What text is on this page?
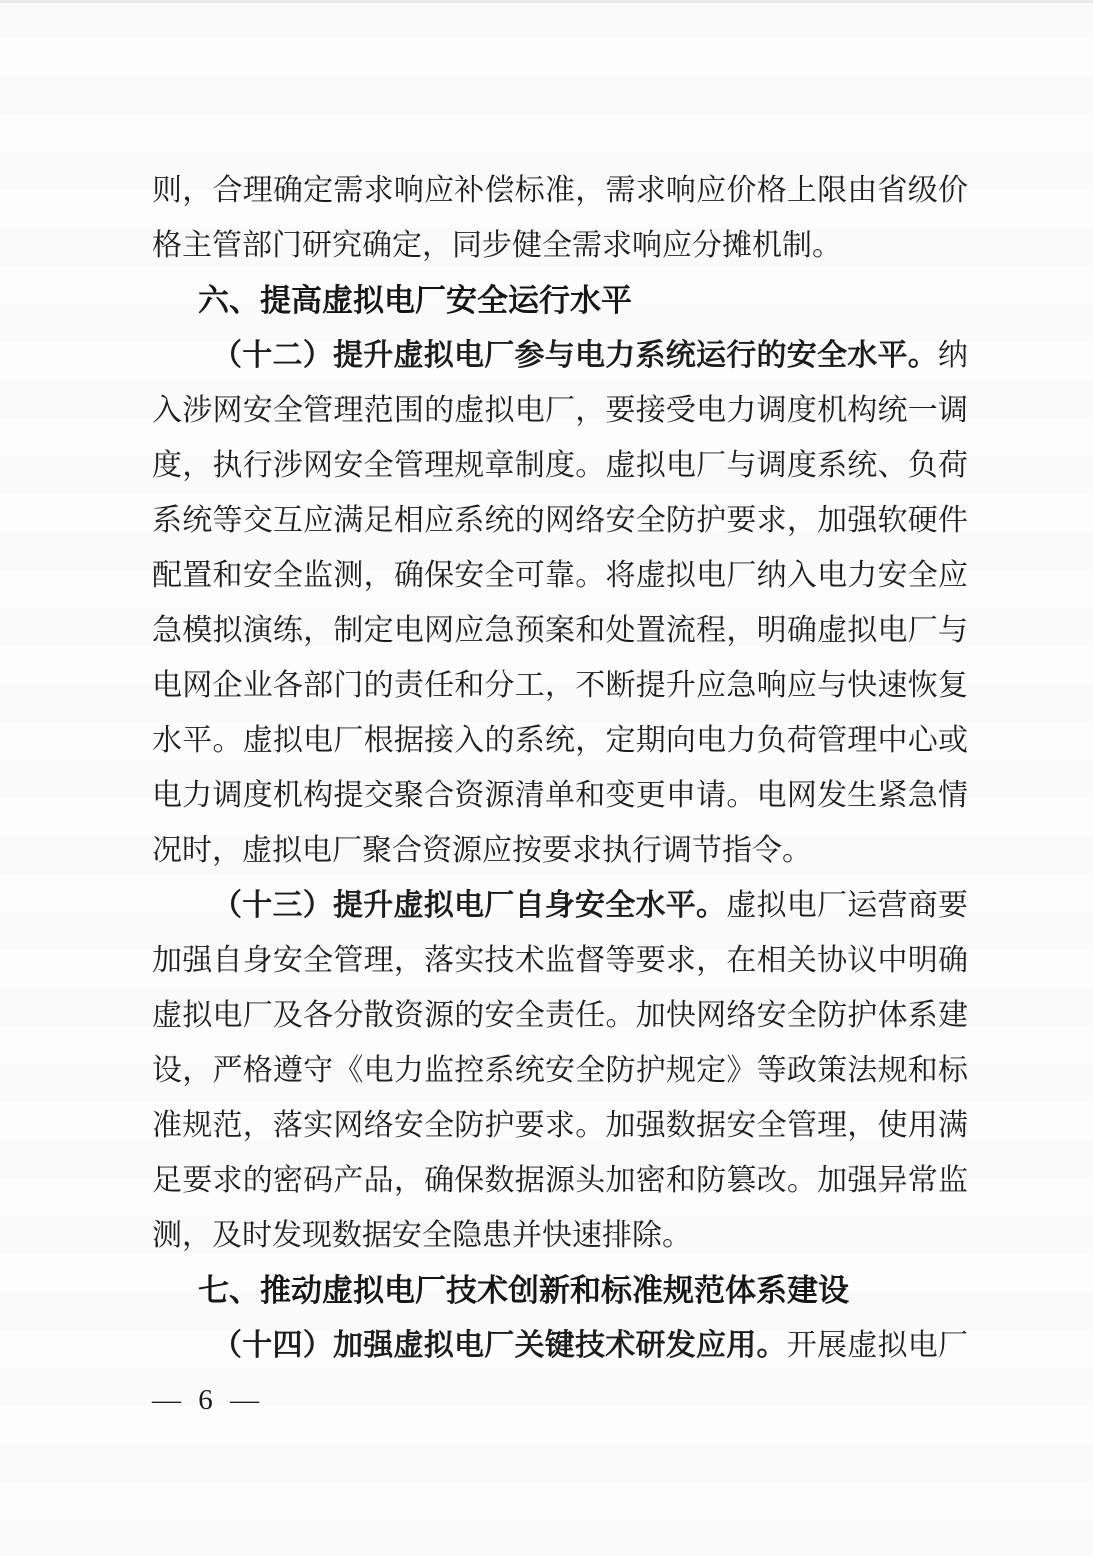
则，合理确定需求响应补偿标准，需求响应价格上限由省级价
格主管部门研究确定，同步健全需求响应分摊机制。
六、提高虚拟电厂安全运行水平
（十二）提升虚拟电厂参与电力系统运行的安全水平。纳
入涉网安全管理范围的虚拟电厂，要接受电力调度机构统一调
度，执行涉网安全管理规章制度。虚拟电厂与调度系统、负荷
系统等交互应满足相应系统的网络安全防护要求，加强软硬件
配置和安全监测，确保安全可靠。将虚拟电厂纳入电力安全应
急模拟演练，制定电网应急预案和处置流程，明确虚拟电厂与
电网企业各部门的责任和分工，不断提升应急响应与快速恢复
水平。虚拟电厂根据接入的系统，定期向电力负荷管理中心或
电力调度机构提交聚合资源清单和变更申请。电网发生紧急情
况时，虚拟电厂聚合资源应按要求执行调节指令。
（十三）提升虚拟电厂自身安全水平。虚拟电厂运营商要
加强自身安全管理，落实技术监督等要求，在相关协议中明确
虚拟电厂及各分散资源的安全责任。加快网络安全防护体系建
设，严格遵守《电力监控系统安全防护规定》等政策法规和标
准规范，落实网络安全防护要求。加强数据安全管理，使用满
足要求的密码产品，确保数据源头加密和防篡改。加强异常监
测，及时发现数据安全隐患并快速排除。
七、推动虚拟电厂技术创新和标准规范体系建设
（十四）加强虚拟电厂关键技术研发应用。开展虚拟电厂
— 6 —
